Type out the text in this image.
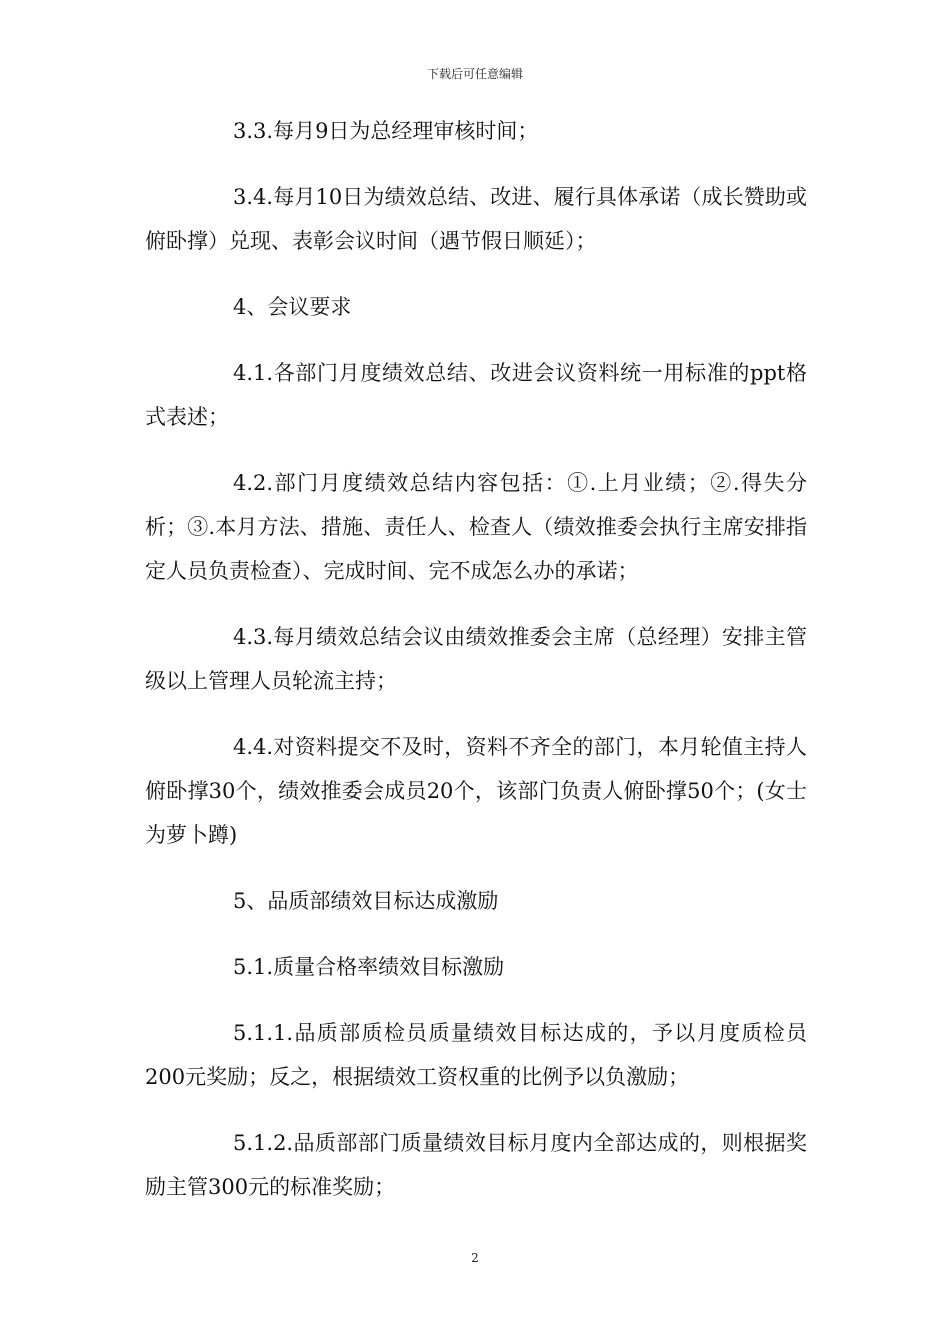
下载后可任意编辑

3.3.每月9日为总经理审核时间；

3.4.每月10日为绩效总结、改进、履行具体承诺（成长赞助或俯卧撑）兑现、表彰会议时间（遇节假日顺延）；

4、会议要求

4.1.各部门月度绩效总结、改进会议资料统一用标准的ppt格式表述；

4.2.部门月度绩效总结内容包括：①.上月业绩；②.得失分析；③.本月方法、措施、责任人、检查人（绩效推委会执行主席安排指定人员负责检查）、完成时间、完不成怎么办的承诺；

4.3.每月绩效总结会议由绩效推委会主席（总经理）安排主管级以上管理人员轮流主持；

4.4.对资料提交不及时，资料不齐全的部门，本月轮值主持人俯卧撑30个，绩效推委会成员20个，该部门负责人俯卧撑50个；(女士为萝卜蹲)

5、品质部绩效目标达成激励

5.1.质量合格率绩效目标激励

5.1.1.品质部质检员质量绩效目标达成的，予以月度质检员200元奖励；反之，根据绩效工资权重的比例予以负激励；

5.1.2.品质部部门质量绩效目标月度内全部达成的，则根据奖励主管300元的标准奖励；

2
